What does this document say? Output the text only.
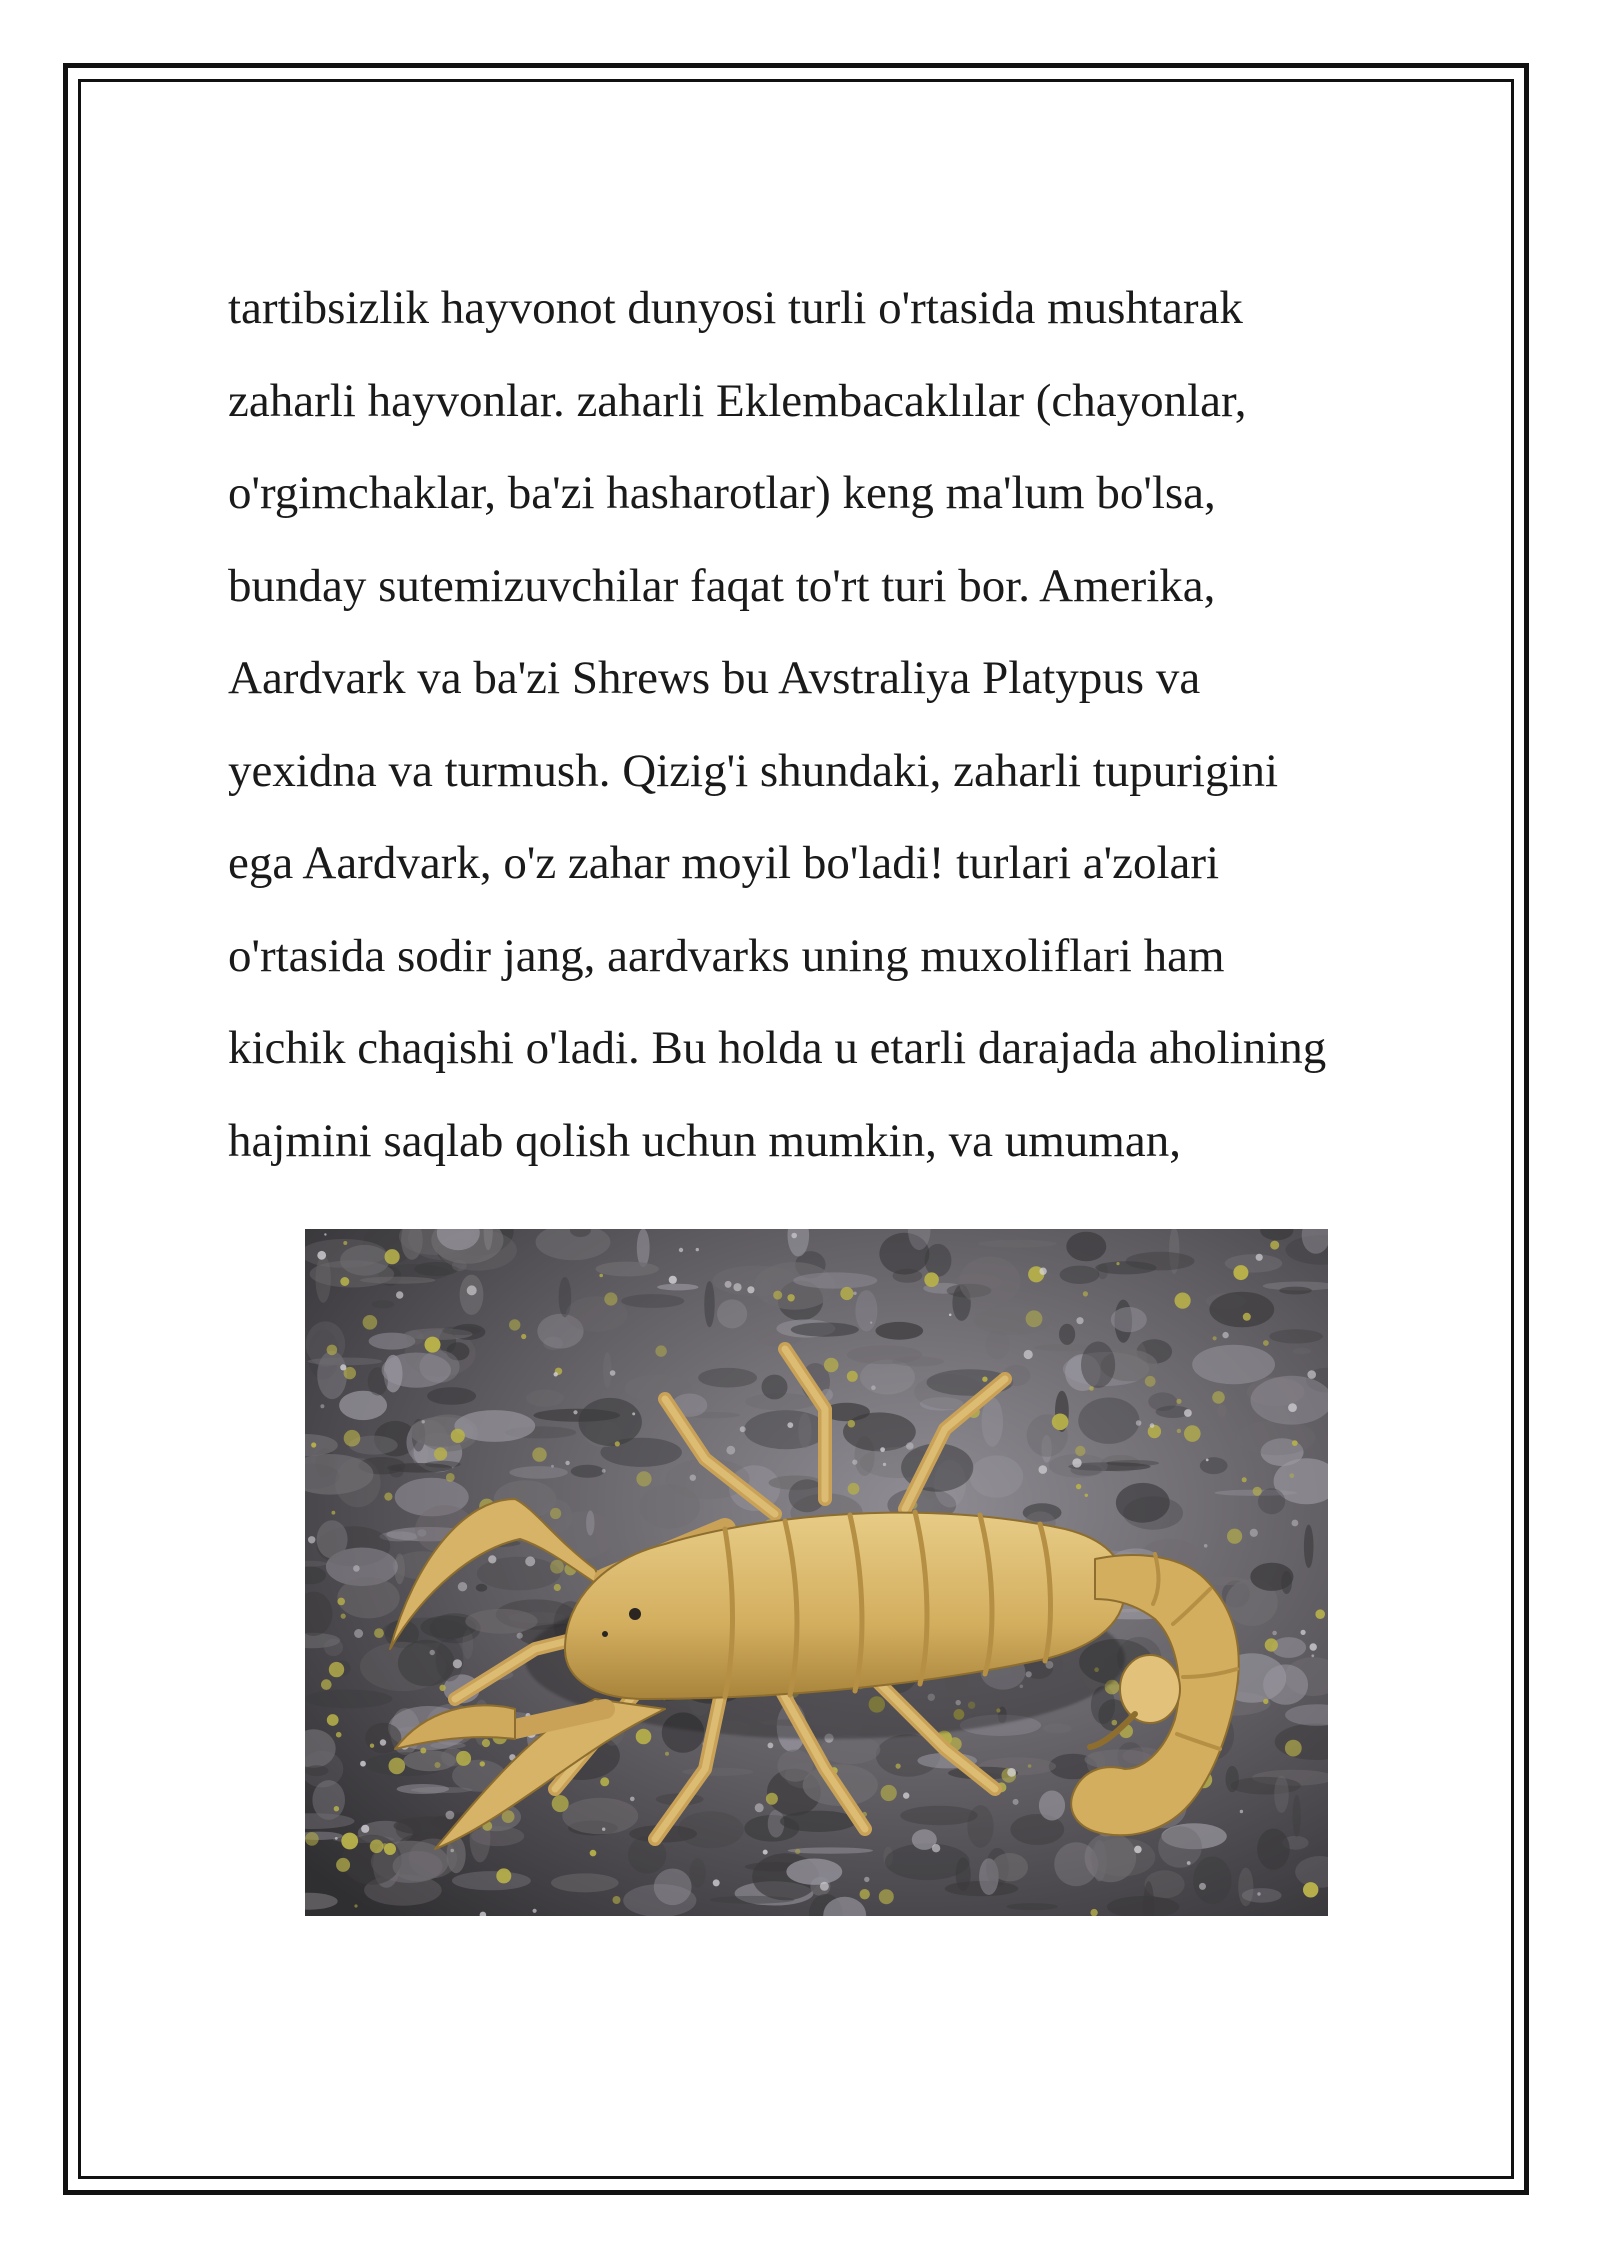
tartibsizlik hayvonot dunyosi turli o'rtasida mushtarak
zaharli hayvonlar. zaharli Eklembacaklılar (chayonlar,
o'rgimchaklar, ba'zi hasharotlar) keng ma'lum bo'lsa,
bunday sutemizuvchilar faqat to'rt turi bor. Amerika,
Aardvark va ba'zi Shrews bu Avstraliya Platypus va
yexidna va turmush. Qizig'i shundaki, zaharli tupurigini
ega Aardvark, o'z zahar moyil bo'ladi! turlari a'zolari
o'rtasida sodir jang, aardvarks uning muxoliflari ham
kichik chaqishi o'ladi. Bu holda u etarli darajada aholining
hajmini saqlab qolish uchun mumkin, va umuman,
